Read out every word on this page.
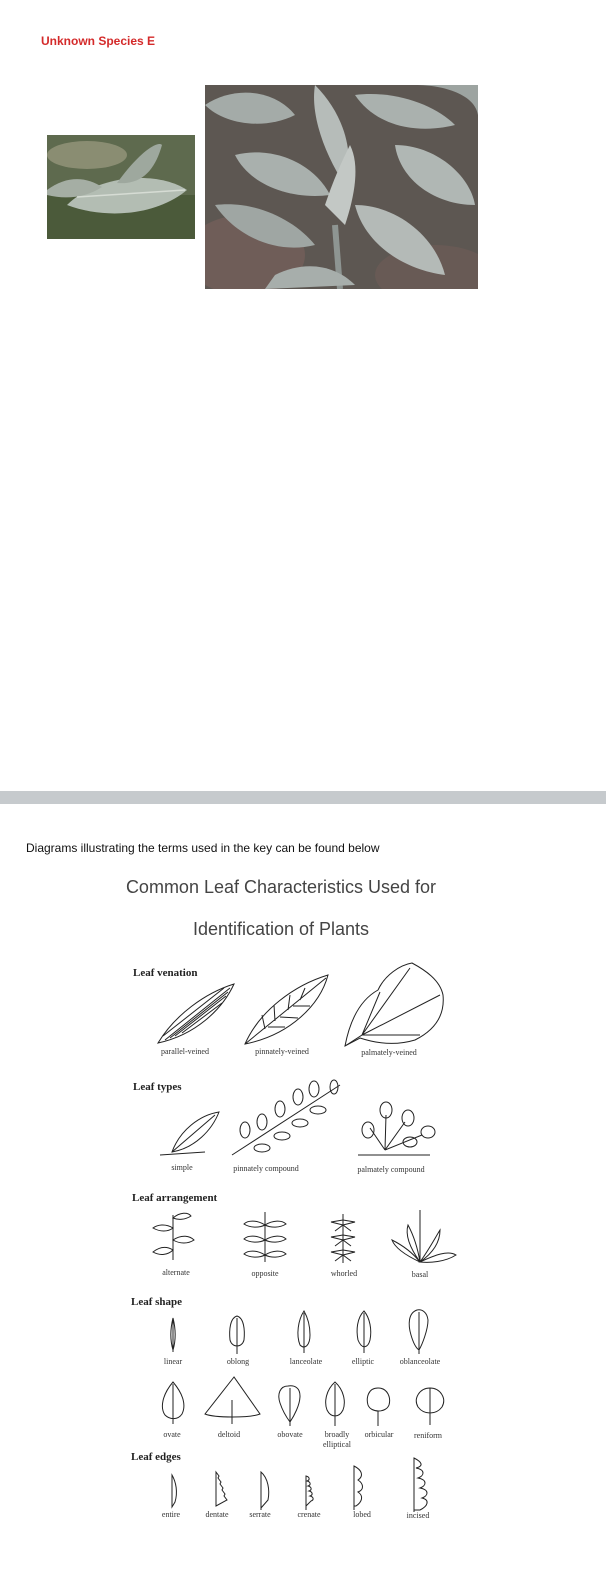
Unknown Species E
Diagrams illustrating the terms used in the key can be found below
Common Leaf Characteristics Used for
Identification of Plants
Leaf venation
Leaf types
Leaf arrangement
Leaf shape
Leaf edges
parallel-veined	pinnately-veined	palmately-veined
simple	pinnately compound	palmately compound
alternate	opposite	whorled	basal
linear	oblong	lanceolate	elliptic	oblanceolate
ovate	deltoid	obovate	broadly elliptical
orbicular	reniform
entire	dentate	serrate	crenate	lobed	incised
